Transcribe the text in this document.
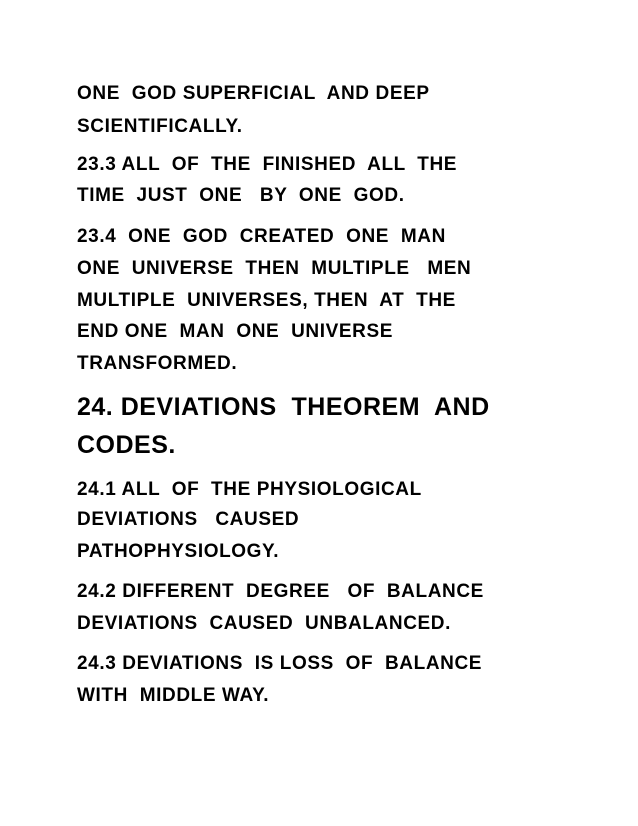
ONE  GOD SUPERFICIAL  AND DEEP
SCIENTIFICALLY.
23.3 ALL  OF  THE  FINISHED  ALL  THE
TIME  JUST  ONE   BY  ONE  GOD.
23.4  ONE  GOD  CREATED  ONE  MAN
ONE  UNIVERSE  THEN  MULTIPLE   MEN
MULTIPLE  UNIVERSES, THEN  AT  THE
END ONE  MAN  ONE  UNIVERSE
TRANSFORMED.
24. DEVIATIONS  THEOREM  AND
CODES.
24.1 ALL  OF  THE PHYSIOLOGICAL
DEVIATIONS   CAUSED
PATHOPHYSIOLOGY.
24.2 DIFFERENT  DEGREE   OF  BALANCE
DEVIATIONS  CAUSED  UNBALANCED.
24.3 DEVIATIONS  IS LOSS  OF  BALANCE
WITH  MIDDLE WAY.
